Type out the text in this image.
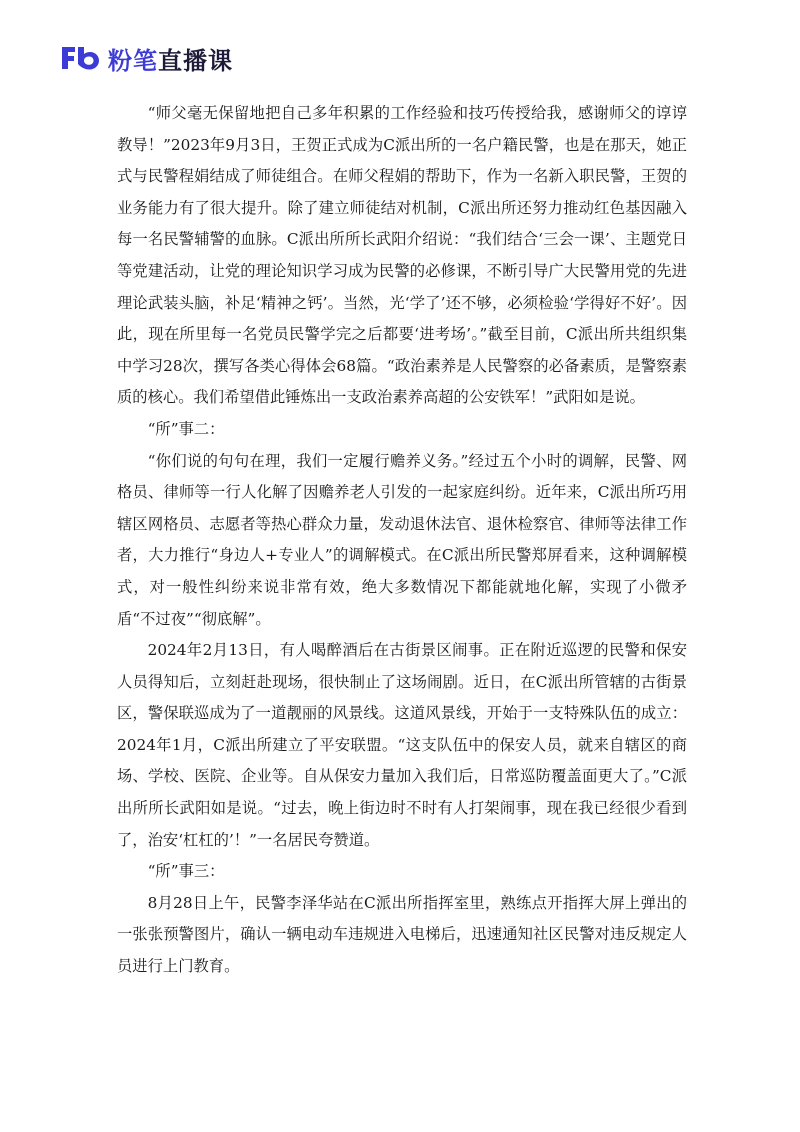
粉笔直播课

“师父毫无保留地把自己多年积累的工作经验和技巧传授给我，感谢师父的谆谆教导！”2023年9月3日，王贺正式成为C派出所的一名户籍民警，也是在那天，她正式与民警程娟结成了师徒组合。在师父程娟的帮助下，作为一名新入职民警，王贺的业务能力有了很大提升。除了建立师徒结对机制，C派出所还努力推动红色基因融入每一名民警辅警的血脉。C派出所所长武阳介绍说：“我们结合‘三会一课’、主题党日等党建活动，让党的理论知识学习成为民警的必修课，不断引导广大民警用党的先进理论武装头脑，补足‘精神之钙’。当然，光‘学了’还不够，必须检验‘学得好不好’。因此，现在所里每一名党员民警学完之后都要‘进考场’。”截至目前，C派出所共组织集中学习28次，撰写各类心得体会68篇。“政治素养是人民警察的必备素质，是警察素质的核心。我们希望借此锤炼出一支政治素养高超的公安铁军！”武阳如是说。

“所”事二：

“你们说的句句在理，我们一定履行赡养义务。”经过五个小时的调解，民警、网格员、律师等一行人化解了因赡养老人引发的一起家庭纠纷。近年来，C派出所巧用辖区网格员、志愿者等热心群众力量，发动退休法官、退休检察官、律师等法律工作者，大力推行“身边人+专业人”的调解模式。在C派出所民警郑屏看来，这种调解模式，对一般性纠纷来说非常有效，绝大多数情况下都能就地化解，实现了小微矛盾“不过夜”“彻底解”。

2024年2月13日，有人喝醉酒后在古街景区闹事。正在附近巡逻的民警和保安人员得知后，立刻赶赴现场，很快制止了这场闹剧。近日，在C派出所管辖的古街景区，警保联巡成为了一道靓丽的风景线。这道风景线，开始于一支特殊队伍的成立：2024年1月，C派出所建立了平安联盟。“这支队伍中的保安人员，就来自辖区的商场、学校、医院、企业等。自从保安力量加入我们后，日常巡防覆盖面更大了。”C派出所所长武阳如是说。“过去，晚上街边时不时有人打架闹事，现在我已经很少看到了，治安‘杠杠的’！”一名居民夸赞道。

“所”事三：

8月28日上午，民警李泽华站在C派出所指挥室里，熟练点开指挥大屏上弹出的一张张预警图片，确认一辆电动车违规进入电梯后，迅速通知社区民警对违反规定人员进行上门教育。
